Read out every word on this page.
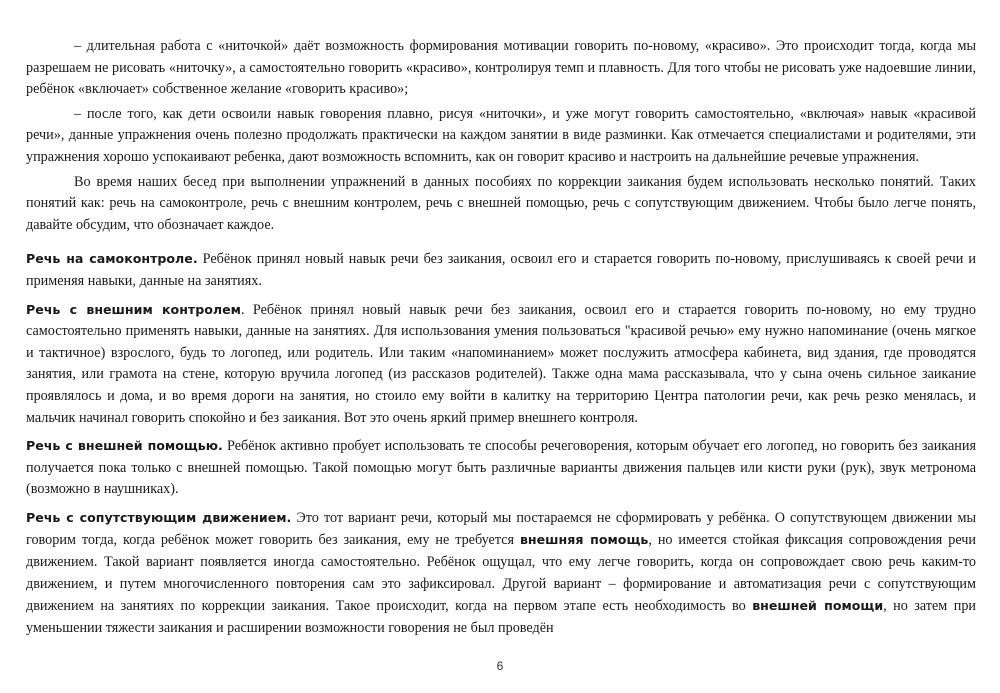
– длительная работа с «ниточкой» даёт возможность формирования мотивации говорить по-новому, «красиво». Это происходит тогда, когда мы разрешаем не рисовать «ниточку», а самостоятельно говорить «красиво», контролируя темп и плавность. Для того чтобы не рисовать уже надоевшие линии, ребёнок «включает» собственное желание «говорить красиво»;

– после того, как дети освоили навык говорения плавно, рисуя «ниточки», и уже могут говорить самостоятельно, «включая» навык «красивой речи», данные упражнения очень полезно продолжать практически на каждом занятии в виде разминки. Как отмечается специалистами и родителями, эти упражнения хорошо успокаивают ребенка, дают возможность вспомнить, как он говорит красиво и настроить на дальнейшие речевые упражнения.

Во время наших бесед при выполнении упражнений в данных пособиях по коррекции заикания будем использовать несколько понятий. Таких понятий как: речь на самоконтроле, речь с внешним контролем, речь с внешней помощью, речь с сопутствующим движением. Чтобы было легче понять, давайте обсудим, что обозначает каждое.

Речь на самоконтроле. Ребёнок принял новый навык речи без заикания, освоил его и старается говорить по-новому, прислушиваясь к своей речи и применяя навыки, данные на занятиях.

Речь с внешним контролем. Ребёнок принял новый навык речи без заикания, освоил его и старается говорить по-новому, но ему трудно самостоятельно применять навыки, данные на занятиях. Для использования умения пользоваться "красивой речью» ему нужно напоминание (очень мягкое и тактичное) взрослого, будь то логопед, или родитель. Или таким «напоминанием» может послужить атмосфера кабинета, вид здания, где проводятся занятия, или грамота на стене, которую вручила логопед (из рассказов родителей). Также одна мама рассказывала, что у сына очень сильное заикание проявлялось и дома, и во время дороги на занятия, но стоило ему войти в калитку на территорию Центра патологии речи, как речь резко менялась, и мальчик начинал говорить спокойно и без заикания. Вот это очень яркий пример внешнего контроля.

Речь с внешней помощью. Ребёнок активно пробует использовать те способы речеговорения, которым обучает его логопед, но говорить без заикания получается пока только с внешней помощью. Такой помощью могут быть различные варианты движения пальцев или кисти руки (рук), звук метронома (возможно в наушниках).

Речь с сопутствующим движением. Это тот вариант речи, который мы постараемся не сформировать у ребёнка. О сопутствующем движении мы говорим тогда, когда ребёнок может говорить без заикания, ему не требуется внешняя помощь, но имеется стойкая фиксация сопровождения речи движением. Такой вариант появляется иногда самостоятельно. Ребёнок ощущал, что ему легче говорить, когда он сопровождает свою речь каким-то движением, и путем многочисленного повторения сам это зафиксировал. Другой вариант – формирование и автоматизация речи с сопутствующим движением на занятиях по коррекции заикания. Такое происходит, когда на первом этапе есть необходимость во внешней помощи, но затем при уменьшении тяжести заикания и расширении возможности говорения не был проведён

6
